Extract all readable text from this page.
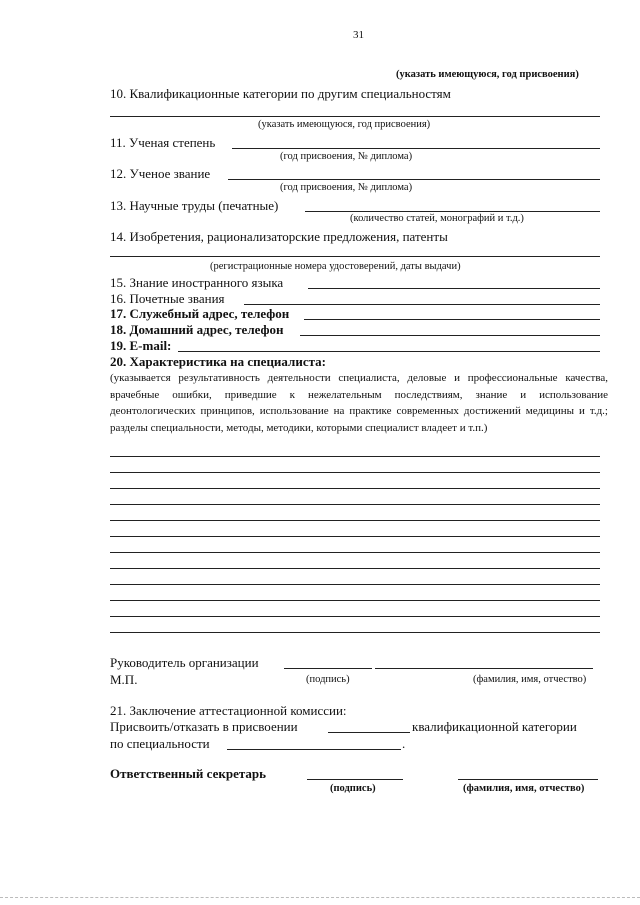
31
(указать имеющуюся, год присвоения)
10. Квалификационные категории по другим специальностям
(указать имеющуюся, год присвоения)
11. Ученая степень
(год присвоения, № диплома)
12. Ученое звание
(год присвоения, № диплома)
13. Научные труды (печатные)
(количество статей, монографий и т.д.)
14. Изобретения, рационализаторские предложения, патенты
(регистрационные номера удостоверений, даты выдачи)
15. Знание иностранного языка
16. Почетные звания
17. Служебный адрес, телефон
18. Домашний адрес, телефон
19. E-mail:
20. Характеристика на специалиста:
(указывается результативность деятельности специалиста, деловые и профессиональные качества, врачебные ошибки, приведшие к нежелательным последствиям, знание и использование деонтологических принципов, использование на практике современных достижений медицины и т.д.; разделы специальности, методы, методики, которыми специалист владеет и т.п.)
Руководитель организации
М.П.	(подпись)	(фамилия, имя, отчество)
21. Заключение аттестационной комиссии:
Присвоить/отказать в присвоении	квалификационной категории
по специальности	.
Ответственный секретарь
(подпись)	(фамилия, имя, отчество)
